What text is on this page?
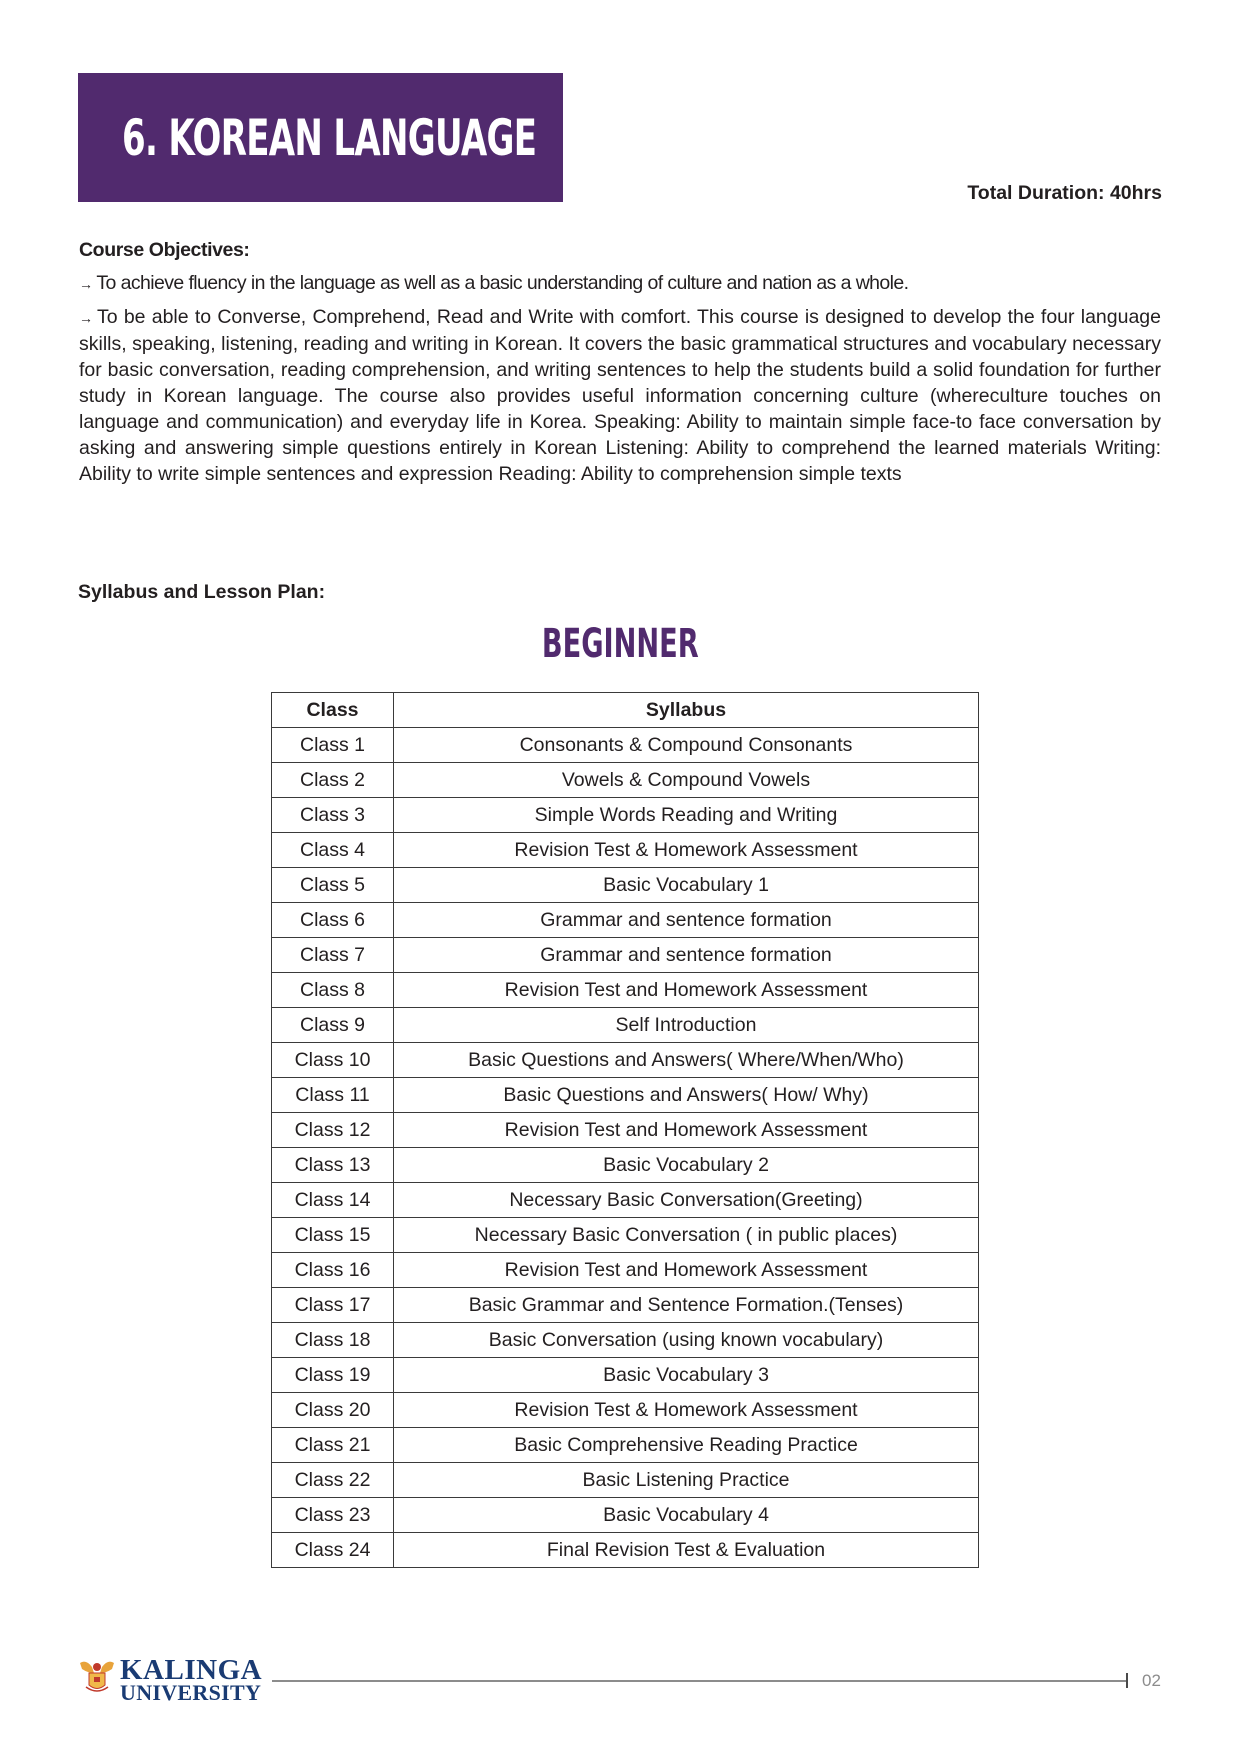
6. KOREAN LANGUAGE
Total Duration: 40hrs
Course Objectives:
→ To achieve fluency in the language as well as a basic understanding of culture and nation as a whole.
→ To be able to Converse, Comprehend, Read and Write with comfort. This course is designed to develop the four language skills, speaking, listening, reading and writing in Korean. It covers the basic grammatical structures and vocabulary necessary for basic conversation, reading comprehension, and writing sentences to help the students build a solid foundation for further study in Korean language. The course also provides useful information concerning culture (whereculture touches on language and communication) and everyday life in Korea. Speaking: Ability to maintain simple face-to face conversation by asking and answering simple questions entirely in Korean Listening: Ability to comprehend the learned materials Writing: Ability to write simple sentences and expression Reading: Ability to comprehension simple texts
Syllabus and Lesson Plan:
BEGINNER
Class	Syllabus
Class 1	Consonants & Compound Consonants
Class 2	Vowels & Compound Vowels
Class 3	Simple Words Reading and Writing
Class 4	Revision Test & Homework Assessment
Class 5	Basic Vocabulary 1
Class 6	Grammar and sentence formation
Class 7	Grammar and sentence formation
Class 8	Revision Test and Homework Assessment
Class 9	Self Introduction
Class 10	Basic Questions and Answers( Where/When/Who)
Class 11	Basic Questions and Answers( How/ Why)
Class 12	Revision Test and Homework Assessment
Class 13	Basic Vocabulary 2
Class 14	Necessary Basic Conversation(Greeting)
Class 15	Necessary Basic Conversation ( in public places)
Class 16	Revision Test and Homework Assessment
Class 17	Basic Grammar and Sentence Formation.(Tenses)
Class 18	Basic Conversation (using known vocabulary)
Class 19	Basic Vocabulary 3
Class 20	Revision Test & Homework Assessment
Class 21	Basic Comprehensive Reading Practice
Class 22	Basic Listening Practice
Class 23	Basic Vocabulary 4
Class 24	Final Revision Test & Evaluation
KALINGA
UNIVERSITY	02
